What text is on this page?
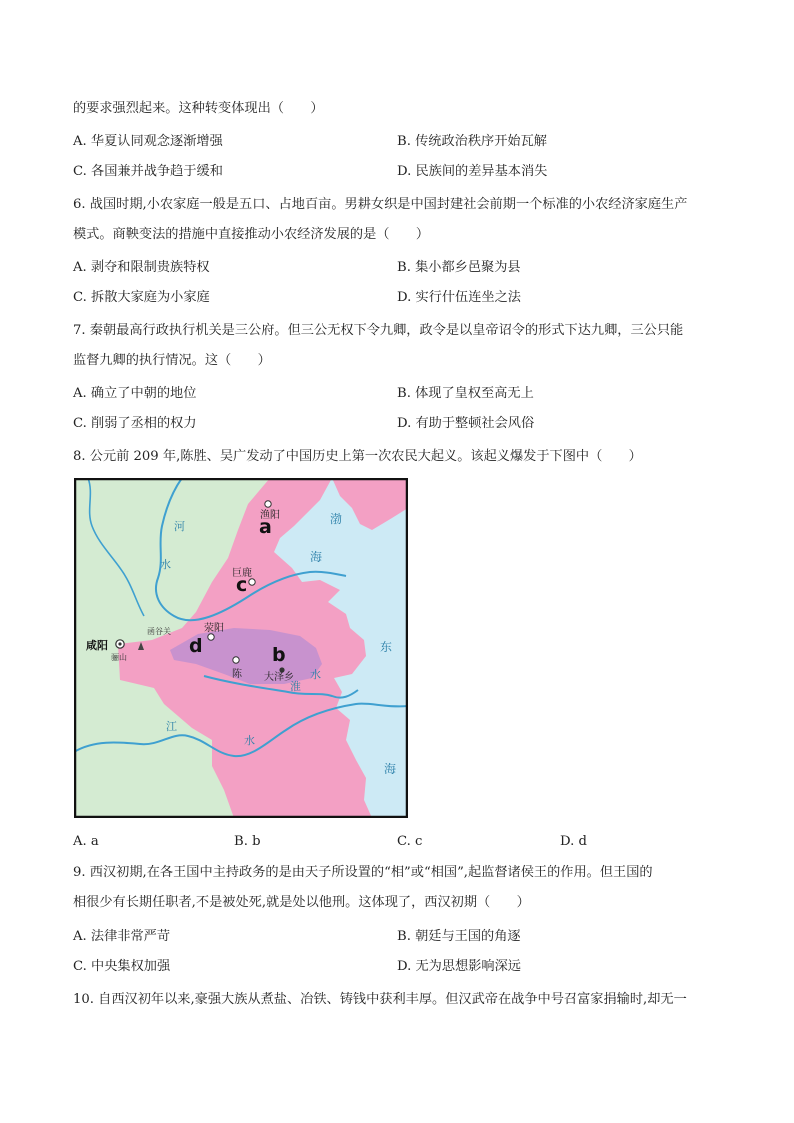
的要求强烈起来。这种转变体现出（　　）
A. 华夏认同观念逐渐增强	B. 传统政治秩序开始瓦解
C. 各国兼并战争趋于缓和	D. 民族间的差异基本消失
6. 战国时期,小农家庭一般是五口、占地百亩。男耕女织是中国封建社会前期一个标准的小农经济家庭生产
模式。商鞅变法的措施中直接推动小农经济发展的是（　　）
A. 剥夺和限制贵族特权	B. 集小都乡邑聚为县
C. 拆散大家庭为小家庭	D. 实行什伍连坐之法
7. 秦朝最高行政执行机关是三公府。但三公无权下令九卿，政令是以皇帝诏令的形式下达九卿，三公只能
监督九卿的执行情况。这（　　）
A. 确立了中朝的地位	B. 体现了皇权至高无上
C. 削弱了丞相的权力	D. 有助于整顿社会风俗
8. 公元前 209 年,陈胜、吴广发动了中国历史上第一次农民大起义。该起义爆发于下图中（　　）
渔阳
a
巨鹿
c
荥阳
函谷关
d
咸阳
骊山	b
陈 大泽乡
河
水
淮
水
江
水
渤
海
东
海
A. a	B. b	C. c	D. d
9. 西汉初期,在各王国中主持政务的是由天子所设置的“相”或“相国”,起监督诸侯王的作用。但王国的
相很少有长期任职者,不是被处死,就是处以他刑。这体现了，西汉初期（　　）
A. 法律非常严苛	B. 朝廷与王国的角逐
C. 中央集权加强	D. 无为思想影响深远
10. 自西汉初年以来,豪强大族从煮盐、冶铁、铸钱中获利丰厚。但汉武帝在战争中号召富家捐输时,却无一
